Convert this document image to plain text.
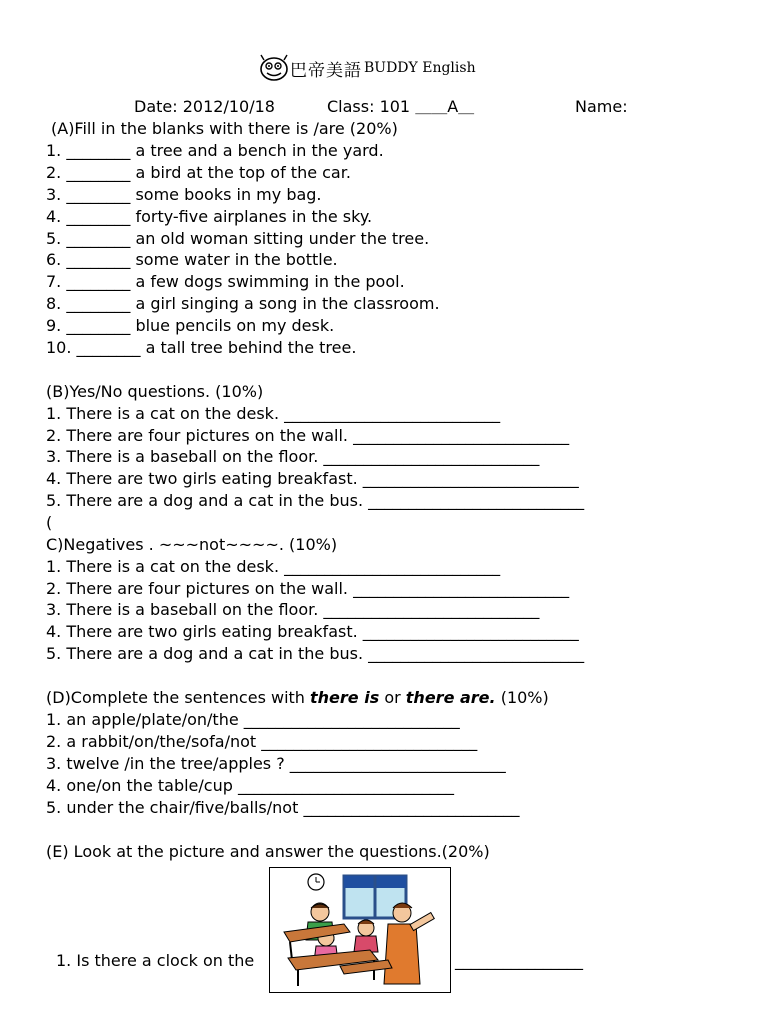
巴帝美語 BUDDY English
Date: 2012/10/18	Class: 101 ＿＿A＿	Name:
(A)Fill in the blanks with there is /are (20%)
1. ________ a tree and a bench in the yard.
2. ________ a bird at the top of the car.
3. ________ some books in my bag.
4. ________ forty-five airplanes in the sky.
5. ________ an old woman sitting under the tree.
6. ________ some water in the bottle.
7. ________ a few dogs swimming in the pool.
8. ________ a girl singing a song in the classroom.
9. ________ blue pencils on my desk.
10. ________ a tall tree behind the tree.
(B)Yes/No questions. (10%)
1. There is a cat on the desk. ___________________________
2. There are four pictures on the wall. ___________________________
3. There is a baseball on the floor. ___________________________
4. There are two girls eating breakfast. ___________________________
5. There are a dog and a cat in the bus. ___________________________
(
C)Negatives . ~~~not~~~~. (10%)
1. There is a cat on the desk. ___________________________
2. There are four pictures on the wall. ___________________________
3. There is a baseball on the floor. ___________________________
4. There are two girls eating breakfast. ___________________________
5. There are a dog and a cat in the bus. ___________________________
(D)Complete the sentences with there is or there are. (10%)
1. an apple/plate/on/the ___________________________
2. a rabbit/on/the/sofa/not ___________________________
3. twelve /in the tree/apples ? ___________________________
4. one/on the table/cup ___________________________
5. under the chair/five/balls/not ___________________________
(E) Look at the picture and answer the questions.(20%)
1. Is there a clock on the	________________
